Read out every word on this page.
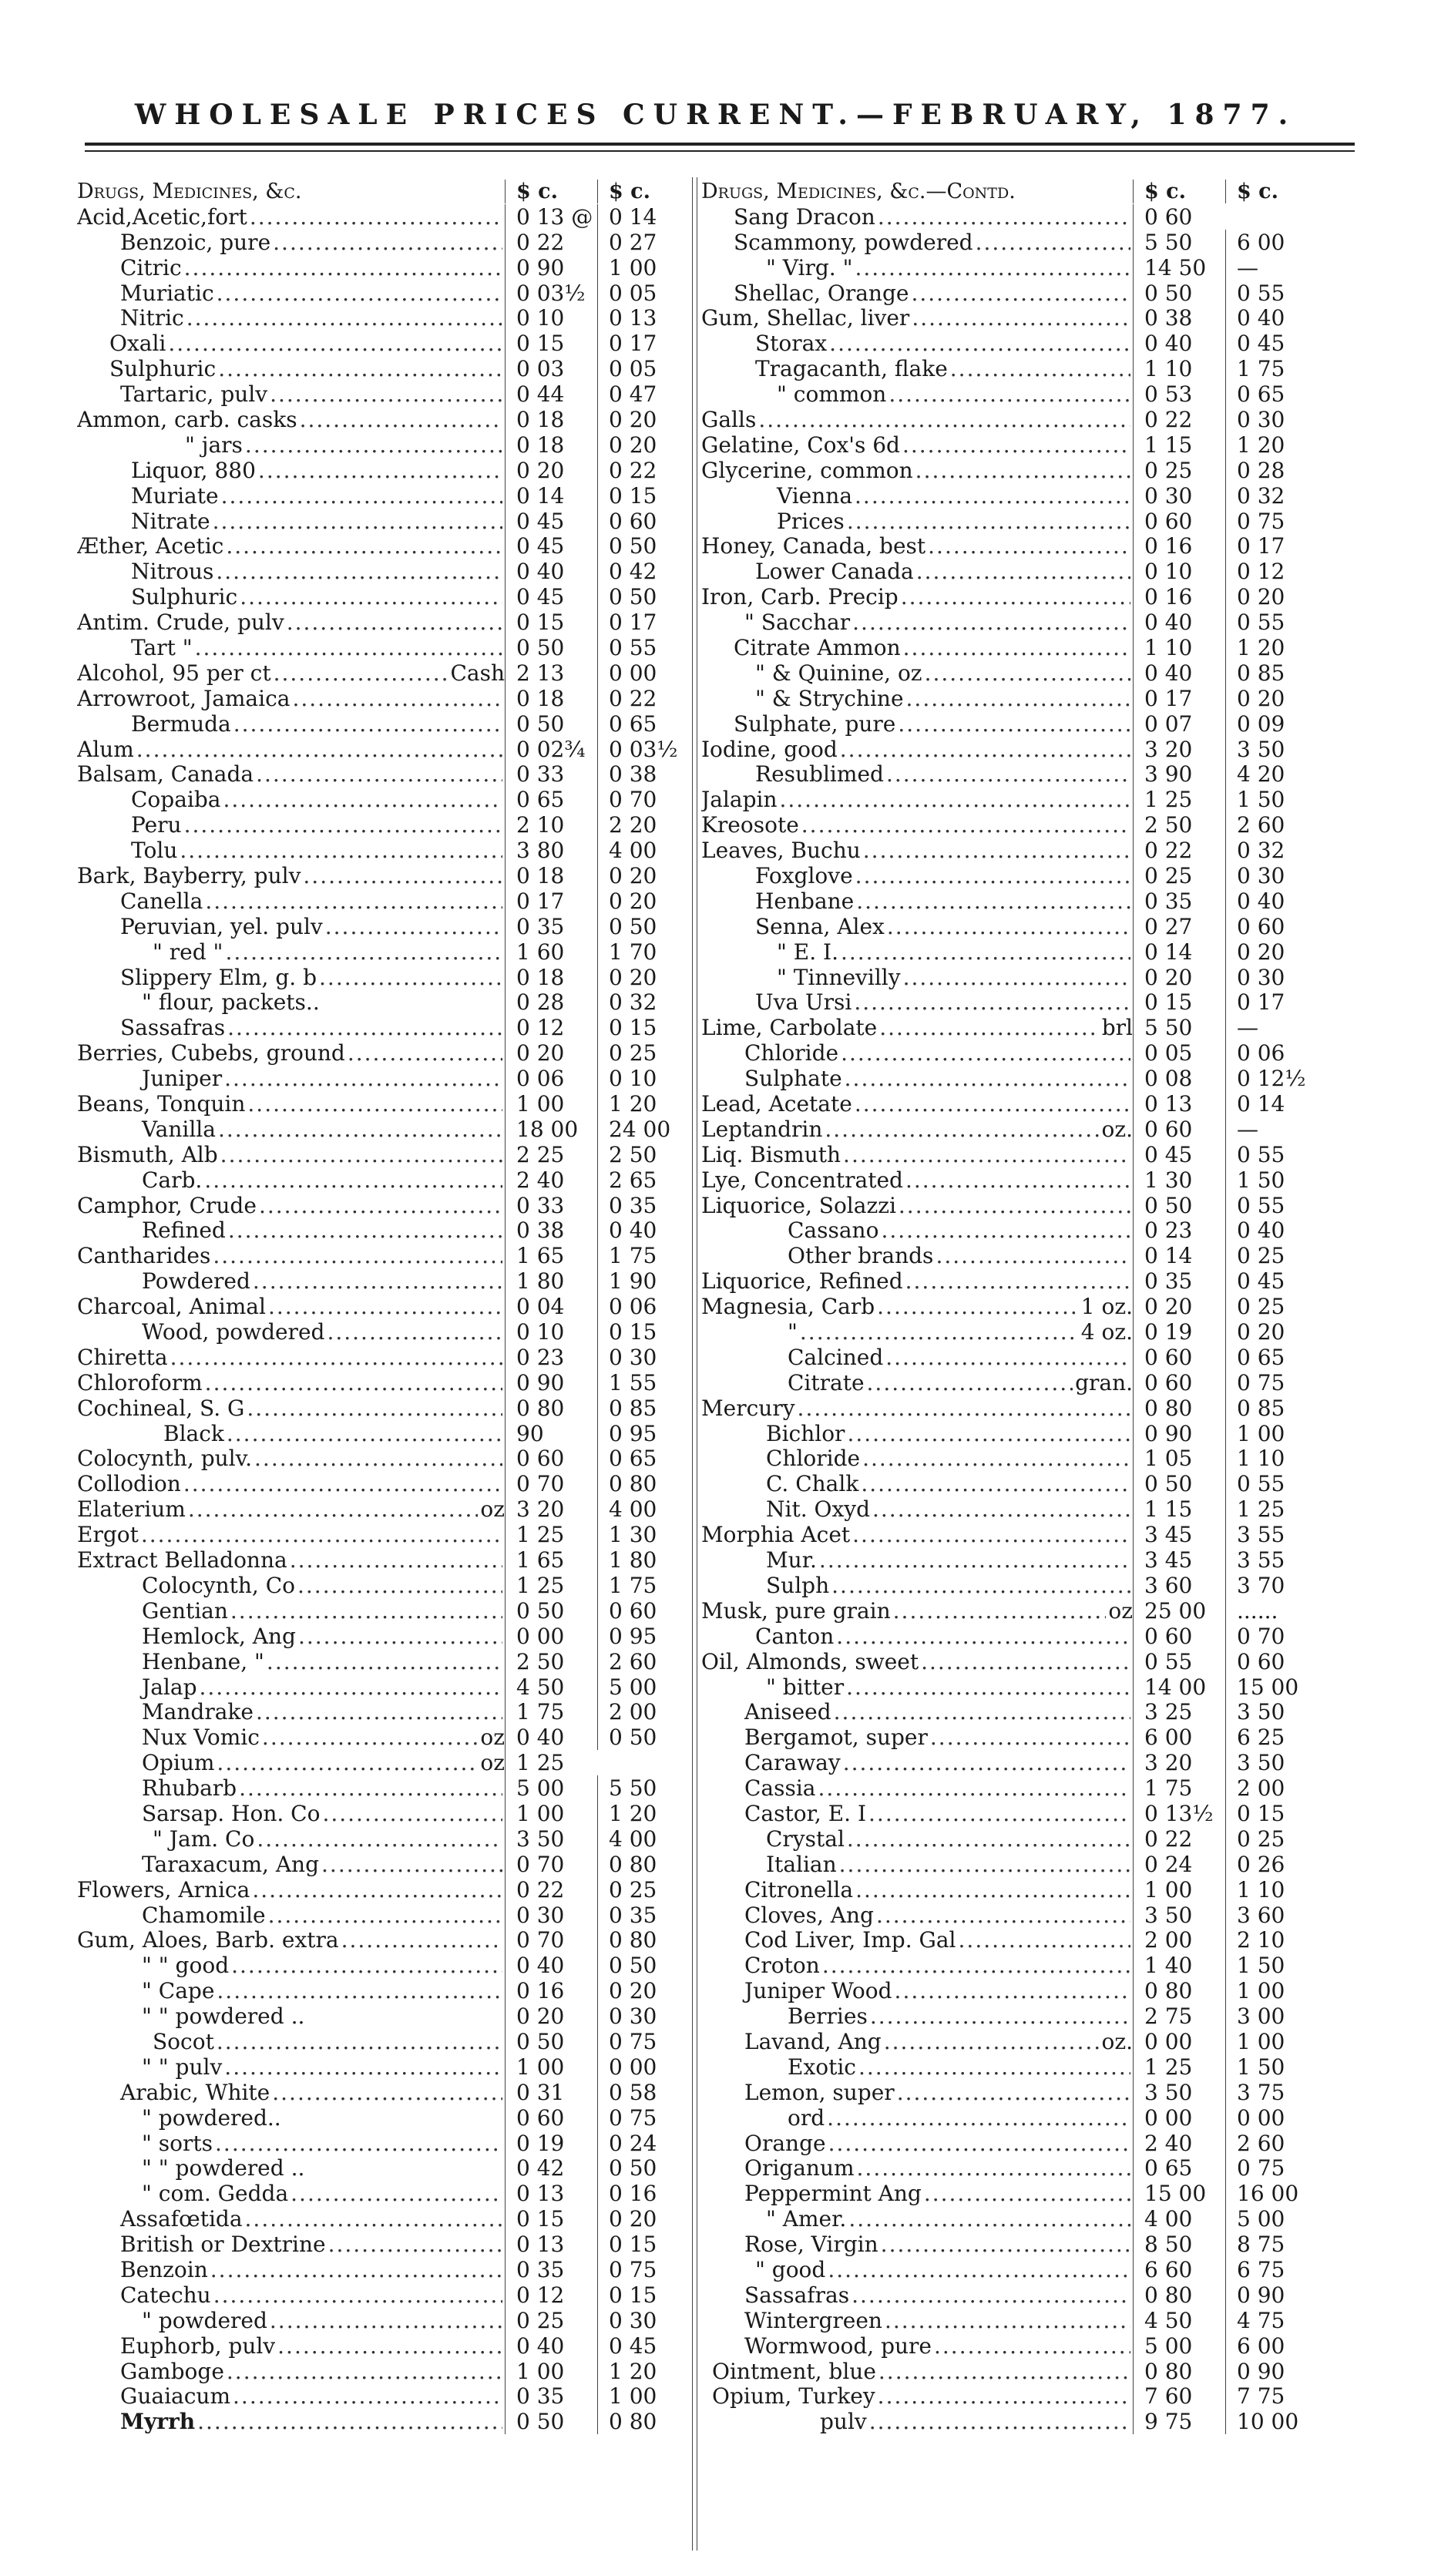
WHOLESALE PRICES CURRENT.—FEBRUARY, 1877.
Drugs, Medicines, &c.	$ c.	$ c.
Acid,Acetic,fort .....	0 13 @ 0 14
Benzoic, pure .....	0 22	0 27
Citric .....	0 90	1 00
Muriatic .....	0 03½	0 05
Nitric .....	0 10	0 13
Oxali .....	0 15	0 17
Sulphuric .....	0 03	0 05
Tartaric, pulv .....	0 44	0 47
Ammon, carb. casks .....	0 18	0 20
" jars .....	0 18	0 20
Liquor, 880 .....	0 20	0 22
Muriate .....	0 14	0 15
Nitrate .....	0 45	0 60
Æther, Acetic .....	0 45	0 50
Nitrous .....	0 40	0 42
Sulphuric .....	0 45	0 50
Antim. Crude, pulv .....	0 15	0 17
Tart " .....	0 50	0 55
Alcohol, 95 per ct .....	Cash 2 13	0 00
Arrowroot, Jamaica .....	0 18	0 22
Bermuda .....	0 50	0 65
Alum .....	0 02¾	0 03½
Balsam, Canada .....	0 33	0 38
Copaiba .....	0 65	0 70
Peru .....	2 10	2 20
Tolu .....	3 80	4 00
Bark, Bayberry, pulv .....	0 18	0 20
Canella .....	0 17	0 20
Peruvian, yel. pulv .....	0 35	0 50
" red " .....	1 60	1 70
Slippery Elm, g. b .....	0 18	0 20
" flour, packets..	0 28	0 32
Sassafras .....	0 12	0 15
Berries, Cubebs, ground .....	0 20	0 25
Juniper .....	0 06	0 10
Beans, Tonquin .....	1 00	1 20
Vanilla .....	18 00	24 00
Bismuth, Alb .....	2 25	2 50
Carb. .....	2 40	2 65
Camphor, Crude .....	0 33	0 35
Refined .....	0 38	0 40
Cantharides .....	1 65	1 75
Powdered .....	1 80	1 90
Charcoal, Animal .....	0 04	0 06
Wood, powdered .....	0 10	0 15
Chiretta .....	0 23	0 30
Chloroform .....	0 90	1 55
Cochineal, S. G .....	0 80	0 85
Black .....	90	0 95
Colocynth, pulv. .....	0 60	0 65
Collodion .....	0 70	0 80
Elaterium .....	oz 3 20	4 00
Ergot .....	1 25	1 30
Extract Belladonna .....	1 65	1 80
Colocynth, Co .....	1 25	1 75
Gentian .....	0 50	0 60
Hemlock, Ang .....	0 00	0 95
Henbane, " .....	2 50	2 60
Jalap .....	4 50	5 00
Mandrake .....	1 75	2 00
Nux Vomic .....	oz 0 40	0 50
Opium .....	oz 1 25
Rhubarb .....	5 00	5 50
Sarsap. Hon. Co .....	1 00	1 20
" Jam. Co .....	3 50	4 00
Taraxacum, Ang .....	0 70	0 80
Flowers, Arnica .....	0 22	0 25
Chamomile .....	0 30	0 35
Gum, Aloes, Barb. extra .....	0 70	0 80
" " good .....	0 40	0 50
" Cape .....	0 16	0 20
" " powdered ..	0 20	0 30
Socot .....	0 50	0 75
" " pulv .....	1 00	0 00
Arabic, White .....	0 31	0 58
" powdered..	0 60	0 75
" sorts .....	0 19	0 24
" " powdered ..	0 42	0 50
" com. Gedda .....	0 13	0 16
Assafœtida .....	0 15	0 20
British or Dextrine .....	0 13	0 15
Benzoin .....	0 35	0 75
Catechu .....	0 12	0 15
" powdered .....	0 25	0 30
Euphorb, pulv .....	0 40	0 45
Gamboge .....	1 00	1 20
Guaiacum .....	0 35	1 00
Myrrh .....	0 50	0 80
Drugs, Medicines, &c.—Contd.	$ c.	$ c.
Sang Dracon .....	0 60
Scammony, powdered .....	5 50	6 00
" Virg. " .....	14 50	—
Shellac, Orange .....	0 50	0 55
Gum, Shellac, liver .....	0 38	0 40
Storax .....	0 40	0 45
Tragacanth, flake .....	1 10	1 75
" common .....	0 53	0 65
Galls .....	0 22	0 30
Gelatine, Cox's 6d .....	1 15	1 20
Glycerine, common .....	0 25	0 28
Vienna .....	0 30	0 32
Prices .....	0 60	0 75
Honey, Canada, best .....	0 16	0 17
Lower Canada .....	0 10	0 12
Iron, Carb. Precip .....	0 16	0 20
" Sacchar .....	0 40	0 55
Citrate Ammon .....	1 10	1 20
" & Quinine, oz .....	0 40	0 85
" & Strychine .....	0 17	0 20
Sulphate, pure .....	0 07	0 09
Iodine, good .....	3 20	3 50
Resublimed .....	3 90	4 20
Jalapin .....	1 25	1 50
Kreosote .....	2 50	2 60
Leaves, Buchu .....	0 22	0 32
Foxglove .....	0 25	0 30
Henbane .....	0 35	0 40
Senna, Alex .....	0 27	0 60
" E. I. .....	0 14	0 20
" Tinnevilly .....	0 20	0 30
Uva Ursi .....	0 15	0 17
Lime, Carbolate .....	brl 5 50	—
Chloride .....	0 05	0 06
Sulphate .....	0 08	0 12½
Lead, Acetate .....	0 13	0 14
Leptandrin .....	oz. 0 60	—
Liq. Bismuth .....	0 45	0 55
Lye, Concentrated .....	1 30	1 50
Liquorice, Solazzi .....	0 50	0 55
Cassano .....	0 23	0 40
Other brands .....	0 14	0 25
Liquorice, Refined .....	0 35	0 45
Magnesia, Carb .....	1 oz. 0 20	0 25
" .....	4 oz. 0 19	0 20
Calcined .....	0 60	0 65
Citrate .....	gran. 0 60	0 75
Mercury .....	0 80	0 85
Bichlor .....	0 90	1 00
Chloride .....	1 05	1 10
C. Chalk .....	0 50	0 55
Nit. Oxyd .....	1 15	1 25
Morphia Acet .....	3 45	3 55
Mur. .....	3 45	3 55
Sulph .....	3 60	3 70
Musk, pure grain .....	oz 25 00	......
Canton .....	0 60	0 70
Oil, Almonds, sweet .....	0 55	0 60
" bitter .....	14 00	15 00
Aniseed .....	3 25	3 50
Bergamot, super .....	6 00	6 25
Caraway .....	3 20	3 50
Cassia .....	1 75	2 00
Castor, E. I .....	0 13½	0 15
Crystal .....	0 22	0 25
Italian .....	0 24	0 26
Citronella .....	1 00	1 10
Cloves, Ang .....	3 50	3 60
Cod Liver, Imp. Gal .....	2 00	2 10
Croton .....	1 40	1 50
Juniper Wood .....	0 80	1 00
Berries .....	2 75	3 00
Lavand, Ang .....	oz. 0 00	1 00
Exotic .....	1 25	1 50
Lemon, super .....	3 50	3 75
ord .....	0 00	0 00
Orange .....	2 40	2 60
Origanum .....	0 65	0 75
Peppermint Ang .....	15 00	16 00
" Amer. .....	4 00	5 00
Rose, Virgin .....	8 50	8 75
" good .....	6 60	6 75
Sassafras .....	0 80	0 90
Wintergreen .....	4 50	4 75
Wormwood, pure .....	5 00	6 00
Ointment, blue .....	0 80	0 90
Opium, Turkey .....	7 60	7 75
pulv .....	9 75	10 00
